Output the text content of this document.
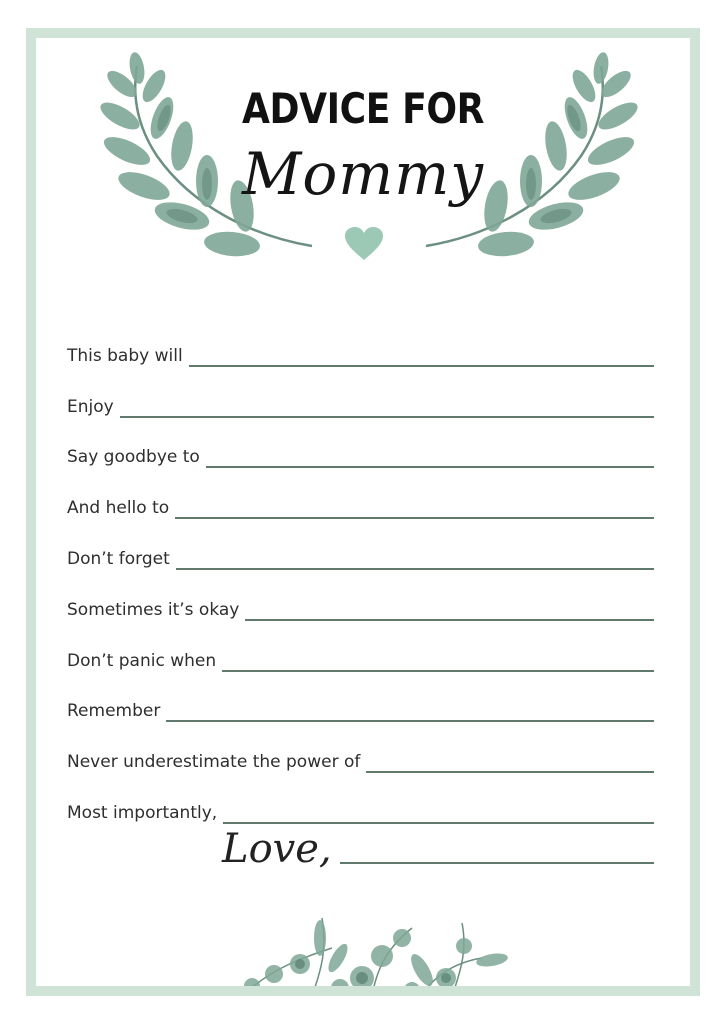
ADVICE FOR
Mommy
This baby will
Enjoy
Say goodbye to
And hello to
Don’t forget
Sometimes it’s okay
Don’t panic when
Remember
Never underestimate the power of
Most importantly,
Love,
